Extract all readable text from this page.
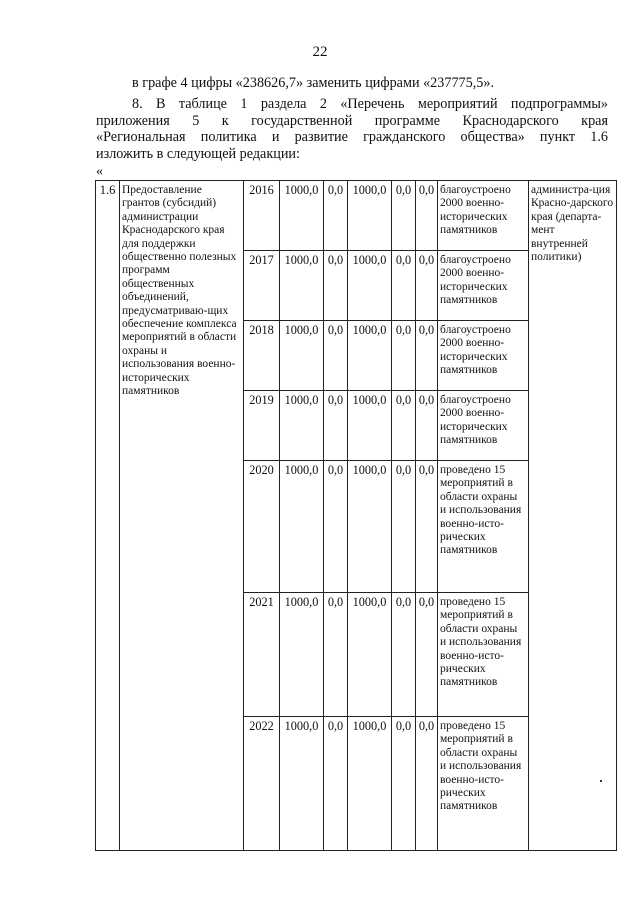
22
в графе 4 цифры «238626,7» заменить цифрами «237775,5».
8. В таблице 1 раздела 2 «Перечень мероприятий подпрограммы»
приложения 5 к государственной программе Краснодарского края
«Региональная политика и развитие гражданского общества» пункт 1.6
изложить в следующей редакции:
«
1.6	Предоставление грантов (субсидий) администрации Краснодарского края для поддержки общественно полезных программ общественных объединений, предусматриваю-щих обеспечение комплекса мероприятий в области охраны и использования военно-исторических памятников	2016	1000,0	0,0	1000,0	0,0	0,0	благоустроено 2000 военно-исторических памятников	администра-ция Красно-дарского края (департа-мент внутренней политики)
		2017	1000,0	0,0	1000,0	0,0	0,0	благоустроено 2000 военно-исторических памятников	
		2018	1000,0	0,0	1000,0	0,0	0,0	благоустроено 2000 военно-исторических памятников	
		2019	1000,0	0,0	1000,0	0,0	0,0	благоустроено 2000 военно-исторических памятников	
		2020	1000,0	0,0	1000,0	0,0	0,0	проведено 15 мероприятий в области охраны и использования военно-исто-рических памятников	
		2021	1000,0	0,0	1000,0	0,0	0,0	проведено 15 мероприятий в области охраны и использования военно-исто-рических памятников	
		2022	1000,0	0,0	1000,0	0,0	0,0	проведено 15 мероприятий в области охраны и использования военно-исто-рических памятников	
